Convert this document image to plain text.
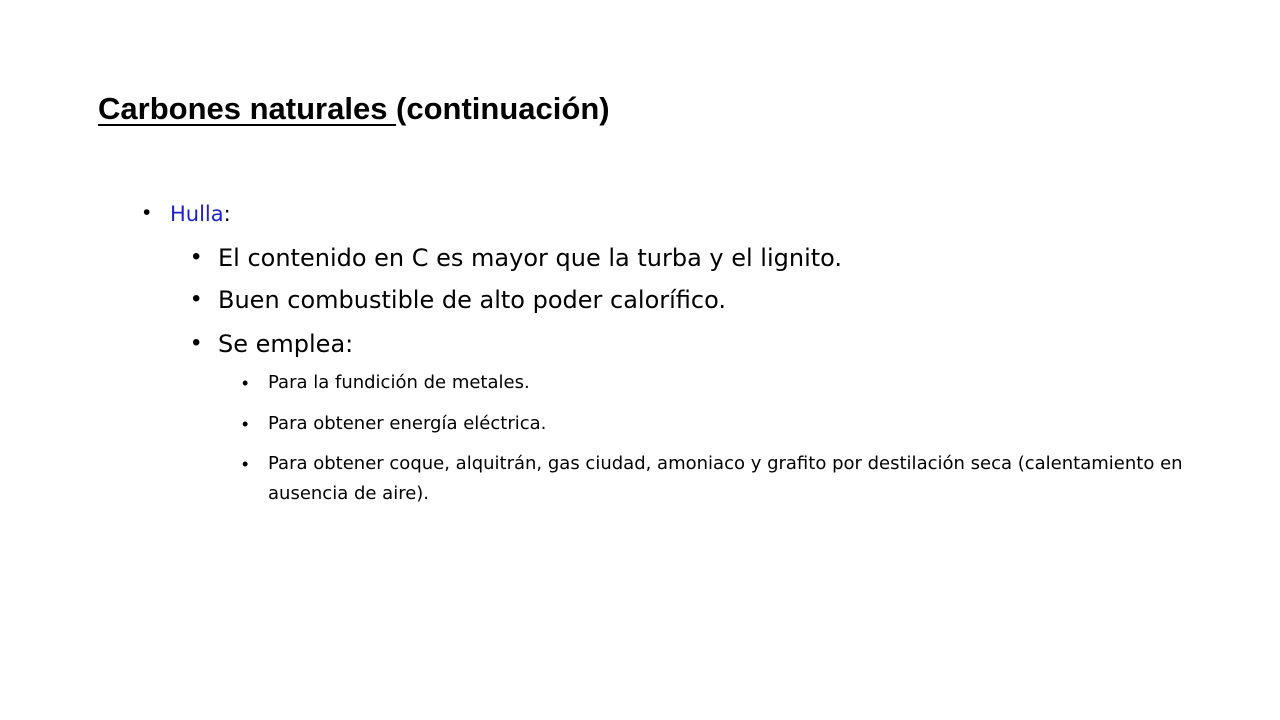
Carbones naturales (continuación)
• Hulla:
• El contenido en C es mayor que la turba y el lignito.
• Buen combustible de alto poder calorífico.
• Se emplea:
• Para la fundición de metales.
• Para obtener energía eléctrica.
• Para obtener coque, alquitrán, gas ciudad, amoniaco y grafito por destilación seca (calentamiento en ausencia de aire).
